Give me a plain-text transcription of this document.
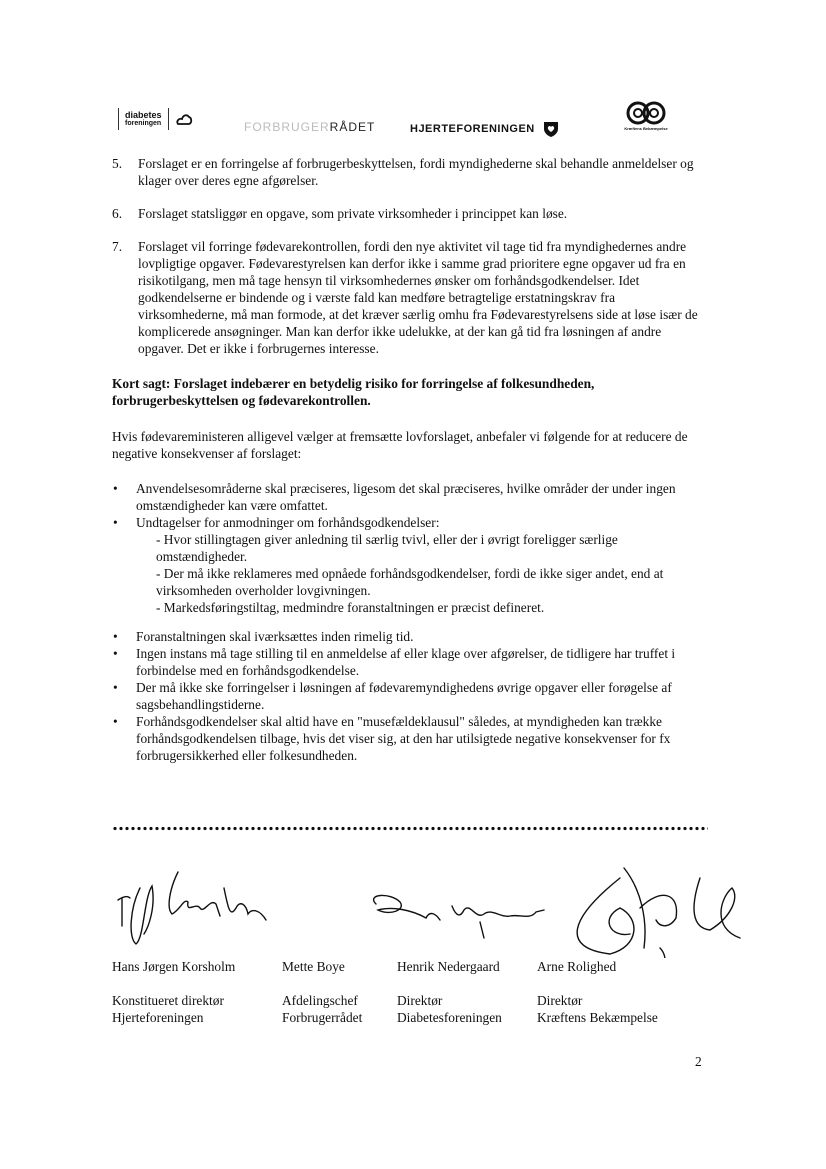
diabetes
foreningen	FORBRUGERRÅDET	HJERTEFORENINGEN	Kræftens Bekæmpelse
5.	Forslaget er en forringelse af forbrugerbeskyttelsen, fordi myndighederne skal behandle anmeldelser og klager over deres egne afgørelser.
6.	Forslaget statsliggør en opgave, som private virksomheder i princippet kan løse.
7.	Forslaget vil forringe fødevarekontrollen, fordi den nye aktivitet vil tage tid fra myndighedernes andre lovpligtige opgaver. Fødevarestyrelsen kan derfor ikke i samme grad prioritere egne opgaver ud fra en risikotilgang, men må tage hensyn til virksomhedernes ønsker om forhåndsgodkendelser. Idet godkendelserne er bindende og i værste fald kan medføre betragtelige erstatningskrav fra virksomhederne, må man formode, at det kræver særlig omhu fra Fødevarestyrelsens side at løse især de komplicerede ansøgninger. Man kan derfor ikke udelukke, at der kan gå tid fra løsningen af andre opgaver. Det er ikke i forbrugernes interesse.
Kort sagt: Forslaget indebærer en betydelig risiko for forringelse af folkesundheden, forbrugerbeskyttelsen og fødevarekontrollen.
Hvis fødevareministeren alligevel vælger at fremsætte lovforslaget, anbefaler vi følgende for at reducere de negative konsekvenser af forslaget:
• Anvendelsesområderne skal præciseres, ligesom det skal præciseres, hvilke områder der under ingen omstændigheder kan være omfattet.
• Undtagelser for anmodninger om forhåndsgodkendelser:
- Hvor stillingtagen giver anledning til særlig tvivl, eller der i øvrigt foreligger særlige omstændigheder.
- Der må ikke reklameres med opnåede forhåndsgodkendelser, fordi de ikke siger andet, end at virksomheden overholder lovgivningen.
- Markedsføringstiltag, medmindre foranstaltningen er præcist defineret.
• Foranstaltningen skal iværksættes inden rimelig tid.
• Ingen instans må tage stilling til en anmeldelse af eller klage over afgørelser, de tidligere har truffet i forbindelse med en forhåndsgodkendelse.
• Der må ikke ske forringelser i løsningen af fødevaremyndighedens øvrige opgaver eller forøgelse af sagsbehandlingstiderne.
• Forhåndsgodkendelser skal altid have en "musefældeklausul" således, at myndigheden kan trække forhåndsgodkendelsen tilbage, hvis det viser sig, at den har utilsigtede negative konsekvenser for fx forbrugersikkerhed eller folkesundheden.
Hans Jørgen Korsholm
Konstitueret direktør
Hjerteforeningen
Mette Boye
Afdelingschef
Forbrugerrådet
Henrik Nedergaard
Direktør
Diabetesforeningen
Arne Rolighed
Direktør
Kræftens Bekæmpelse
2
